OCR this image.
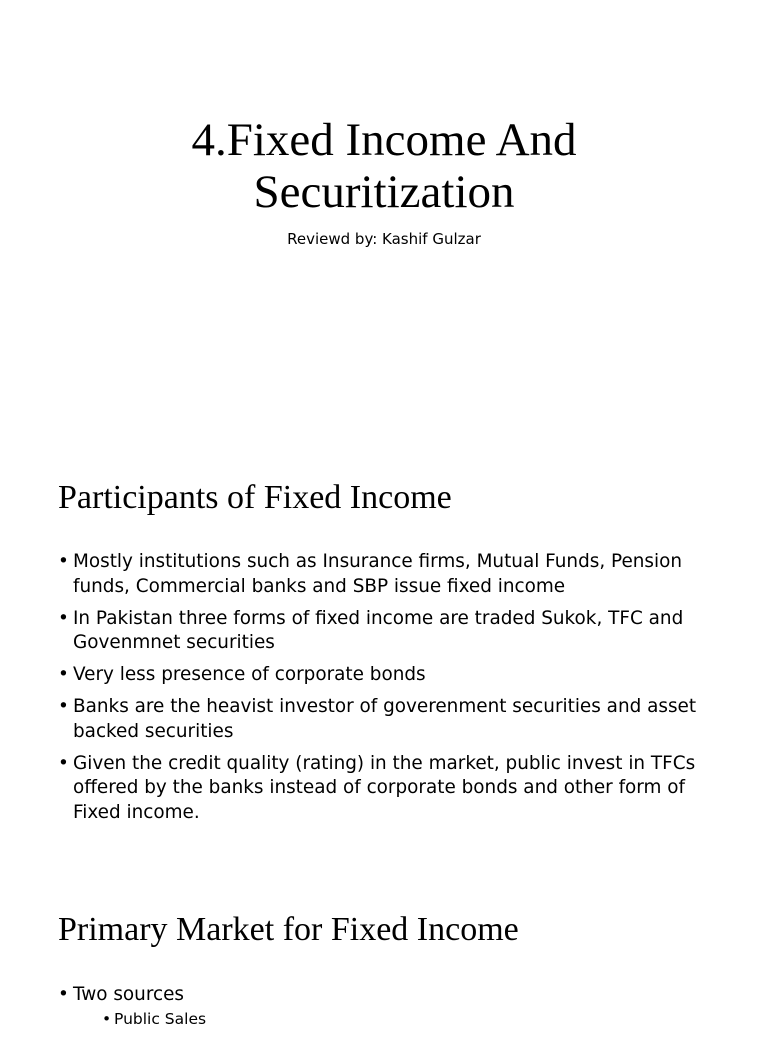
4.Fixed Income And
Securitization

Reviewd by: Kashif Gulzar

Participants of Fixed Income
• Mostly institutions such as Insurance firms, Mutual Funds, Pension funds, Commercial banks and SBP issue fixed income
• In Pakistan three forms of fixed income are traded Sukok, TFC and Govenmnet securities
• Very less presence of corporate bonds
• Banks are the heavist investor of goverenment securities and asset backed securities
• Given the credit quality (rating) in the market, public invest in TFCs offered by the banks instead of corporate bonds and other form of Fixed income.
Primary Market for Fixed Income
• Two sources
• Public Sales
